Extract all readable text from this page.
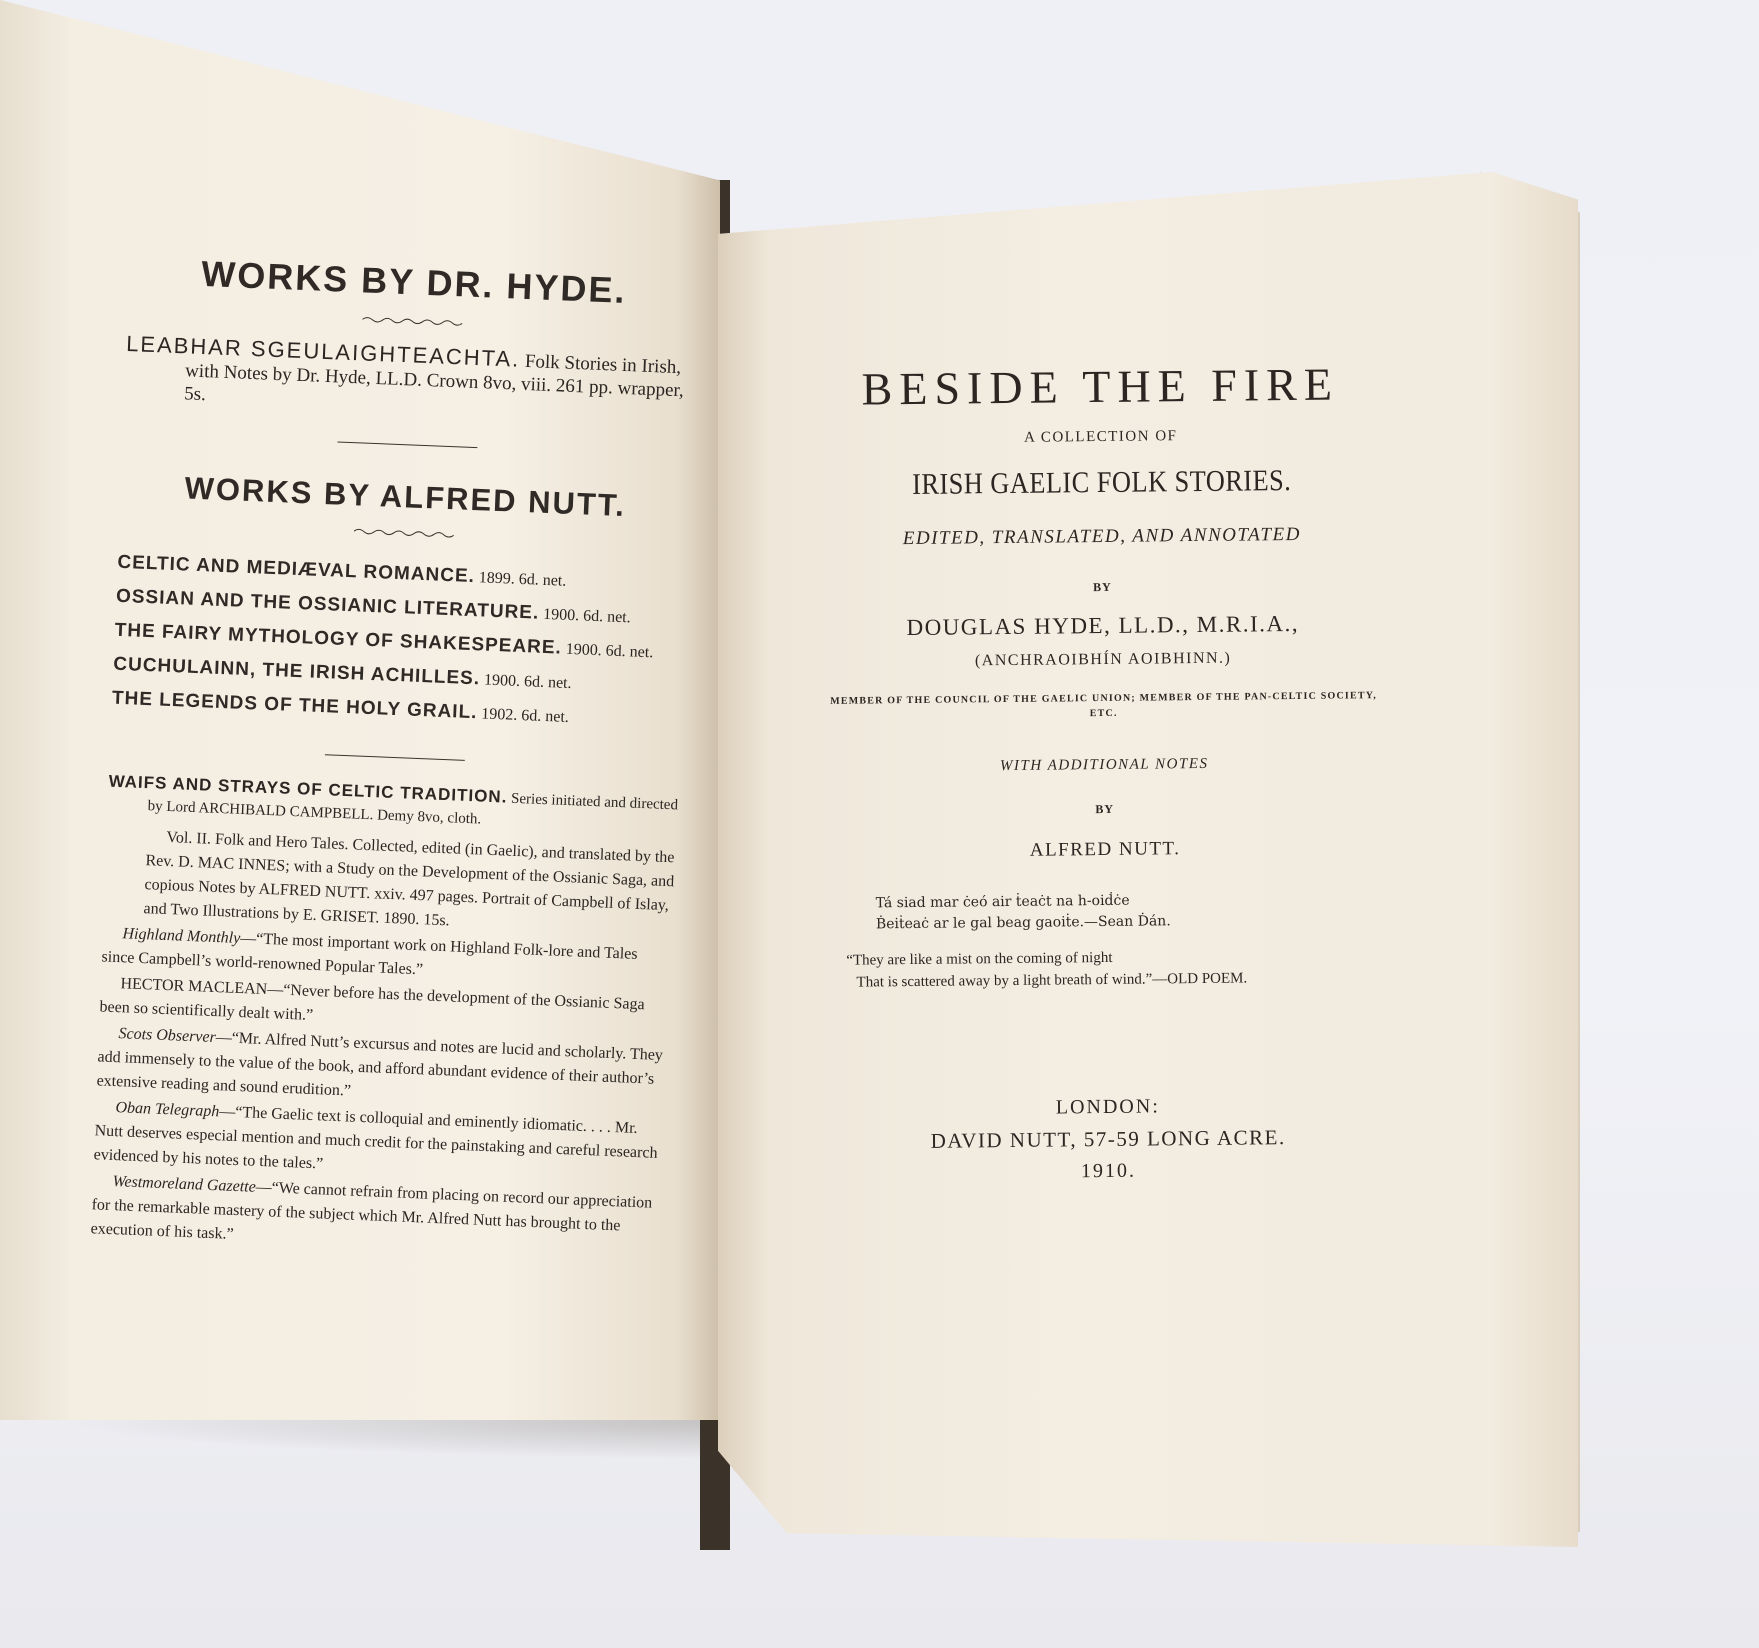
WORKS BY DR. HYDE.
LEABHAR SGEULAIGHTEACHTA. Folk Stories in Irish, with Notes by Dr. Hyde, LL.D. Crown 8vo, viii. 261 pp. wrapper, 5s.
WORKS BY ALFRED NUTT.
CELTIC AND MEDIÆVAL ROMANCE. 1899. 6d. net.
OSSIAN AND THE OSSIANIC LITERATURE. 1900. 6d. net.
THE FAIRY MYTHOLOGY OF SHAKESPEARE. 1900. 6d. net.
CUCHULAINN, THE IRISH ACHILLES. 1900. 6d. net.
THE LEGENDS OF THE HOLY GRAIL. 1902. 6d. net.
WAIFS AND STRAYS OF CELTIC TRADITION. Series initiated and directed by Lord ARCHIBALD CAMPBELL. Demy 8vo, cloth.
Vol. II. Folk and Hero Tales. Collected, edited (in Gaelic), and translated by the Rev. D. MAC INNES; with a Study on the Development of the Ossianic Saga, and copious Notes by ALFRED NUTT. xxiv. 497 pages. Portrait of Campbell of Islay, and Two Illustrations by E. GRISET. 1890. 15s.
Highland Monthly—“The most important work on Highland Folk-lore and Tales since Campbell’s world-renowned Popular Tales.”
HECTOR MACLEAN—“Never before has the development of the Ossianic Saga been so scientifically dealt with.”
Scots Observer—“Mr. Alfred Nutt’s excursus and notes are lucid and scholarly. They add immensely to the value of the book, and afford abundant evidence of their author’s extensive reading and sound erudition.”
Oban Telegraph—“The Gaelic text is colloquial and eminently idiomatic. . . . Mr. Nutt deserves especial mention and much credit for the painstaking and careful research evidenced by his notes to the tales.”
Westmoreland Gazette—“We cannot refrain from placing on record our appreciation for the remarkable mastery of the subject which Mr. Alfred Nutt has brought to the execution of his task.”
BESIDE THE FIRE
A COLLECTION OF
IRISH GAELIC FOLK STORIES.
EDITED, TRANSLATED, AND ANNOTATED
BY
DOUGLAS HYDE, LL.D., M.R.I.A.,
(ANCHRAOIBHÍN AOIBHINN.)
MEMBER OF THE COUNCIL OF THE GAELIC UNION; MEMBER OF THE PAN-CELTIC SOCIETY, ETC.
WITH ADDITIONAL NOTES
BY
ALFRED NUTT.
Tá siad mar ċeó air ṫeaċt na h-oiḋċe
Ḃeiṫeaċ ar le gal beag gaoiṫe.—Sean Ḋán.
“They are like a mist on the coming of night
That is scattered away by a light breath of wind.”—OLD POEM.
LONDON:
DAVID NUTT, 57-59 LONG ACRE.
1910.
